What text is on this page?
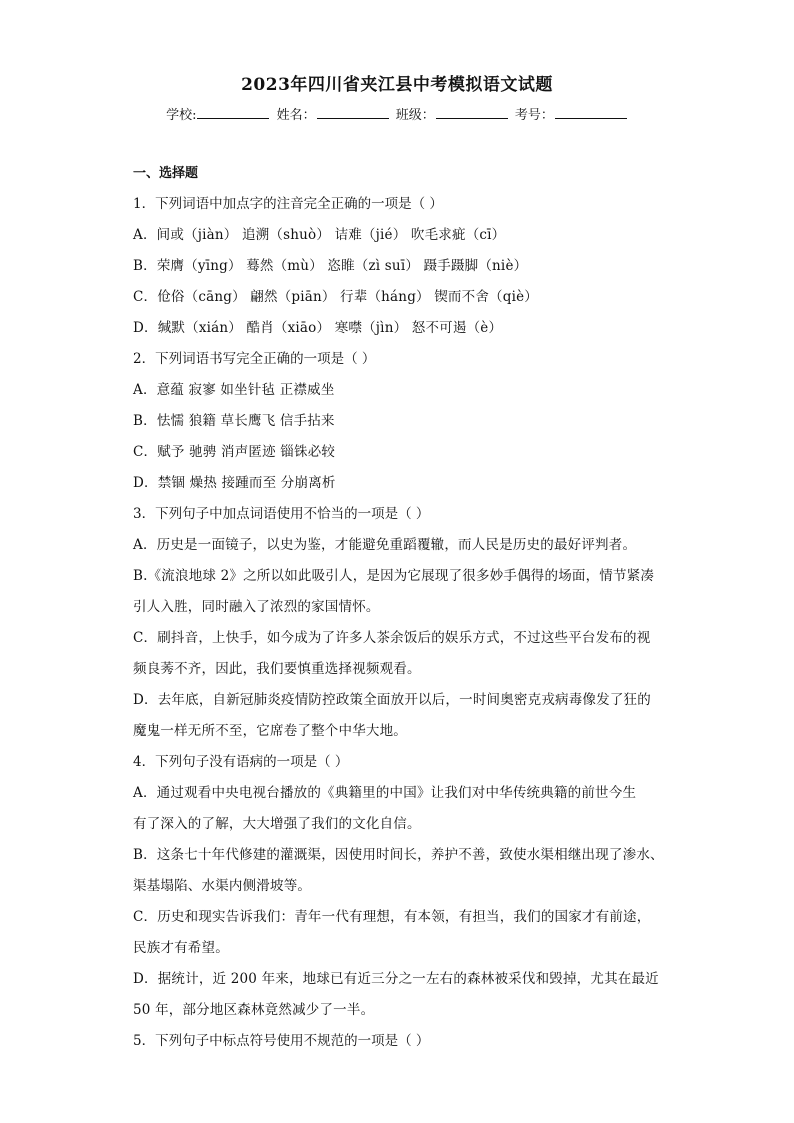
2023年四川省夹江县中考模拟语文试题
学校:	姓名：	班级：	考号：
一、选择题
1．下列词语中加点字的注音完全正确的一项是（ ）
A．间或（jiàn） 追溯（shuò） 诘难（jié） 吹毛求疵（cī）
B．荣膺（yīng） 蓦然（mù） 恣睢（zì suī） 蹑手蹑脚（niè）
C．伧俗（cāng） 翩然（piān） 行辈（háng） 锲而不舍（qiè）
D．缄默（xián） 酷肖（xiāo） 寒噤（jìn） 怒不可遏（è）
2．下列词语书写完全正确的一项是（ ）
A．意蕴 寂寥 如坐针毡 正襟威坐
B．怯懦 狼籍 草长鹰飞 信手拈来
C．赋予 驰骋 消声匿迹 锱铢必较
D．禁锢 燥热 接踵而至 分崩离析
3．下列句子中加点词语使用不恰当的一项是（ ）
A．历史是一面镜子，以史为鉴，才能避免重蹈覆辙，而人民是历史的最好评判者。
B.《流浪地球 2》之所以如此吸引人，是因为它展现了很多妙手偶得的场面，情节紧凑
引人入胜，同时融入了浓烈的家国情怀。
C．刷抖音，上快手，如今成为了许多人茶余饭后的娱乐方式，不过这些平台发布的视
频良莠不齐，因此，我们要慎重选择视频观看。
D．去年底，自新冠肺炎疫情防控政策全面放开以后，一时间奥密克戎病毒像发了狂的
魔鬼一样无所不至，它席卷了整个中华大地。
4．下列句子没有语病的一项是（ ）
A．通过观看中央电视台播放的《典籍里的中国》让我们对中华传统典籍的前世今生
有了深入的了解，大大增强了我们的文化自信。
B．这条七十年代修建的灌溉渠，因使用时间长，养护不善，致使水渠相继出现了渗水、
渠基塌陷、水渠内侧滑坡等。
C．历史和现实告诉我们：青年一代有理想，有本领，有担当，我们的国家才有前途，
民族才有希望。
D．据统计，近 200 年来，地球已有近三分之一左右的森林被采伐和毁掉，尤其在最近
50 年，部分地区森林竟然减少了一半。
5．下列句子中标点符号使用不规范的一项是（ ）
